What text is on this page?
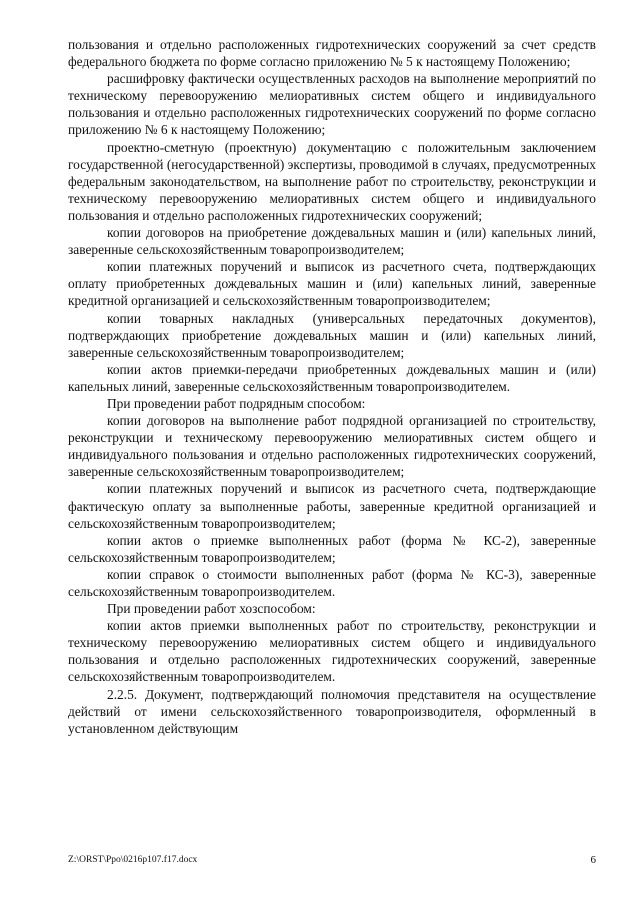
пользования и отдельно расположенных гидротехнических сооружений за счет средств федерального бюджета по форме согласно приложению № 5 к настоящему Положению;

расшифровку фактически осуществленных расходов на выполнение мероприятий по техническому перевооружению мелиоративных систем общего и индивидуального пользования и отдельно расположенных гидротехнических сооружений по форме согласно приложению № 6 к настоящему Положению;

проектно-сметную (проектную) документацию с положительным заключением государственной (негосударственной) экспертизы, проводимой в случаях, предусмотренных федеральным законодательством, на выполнение работ по строительству, реконструкции и техническому перевооружению мелиоративных систем общего и индивидуального пользования и отдельно расположенных гидротехнических сооружений;

копии договоров на приобретение дождевальных машин и (или) капельных линий, заверенные сельскохозяйственным товаропроизводителем;

копии платежных поручений и выписок из расчетного счета, подтверждающих оплату приобретенных дождевальных машин и (или) капельных линий, заверенные кредитной организацией и сельскохозяйственным товаропроизводителем;

копии товарных накладных (универсальных передаточных документов), подтверждающих приобретение дождевальных машин и (или) капельных линий, заверенные сельскохозяйственным товаропроизводителем;

копии актов приемки-передачи приобретенных дождевальных машин и (или) капельных линий, заверенные сельскохозяйственным товаропроизводителем.

При проведении работ подрядным способом:

копии договоров на выполнение работ подрядной организацией по строительству, реконструкции и техническому перевооружению мелиоративных систем общего и индивидуального пользования и отдельно расположенных гидротехнических сооружений, заверенные сельскохозяйственным товаропроизводителем;

копии платежных поручений и выписок из расчетного счета, подтверждающие фактическую оплату за выполненные работы, заверенные кредитной организацией и сельскохозяйственным товаропроизводителем;

копии актов о приемке выполненных работ (форма № КС-2), заверенные сельскохозяйственным товаропроизводителем;

копии справок о стоимости выполненных работ (форма № КС-3), заверенные сельскохозяйственным товаропроизводителем.

При проведении работ хозспособом:

копии актов приемки выполненных работ по строительству, реконструкции и техническому перевооружению мелиоративных систем общего и индивидуального пользования и отдельно расположенных гидротехнических сооружений, заверенные сельскохозяйственным товаропроизводителем.

2.2.5. Документ, подтверждающий полномочия представителя на осуществление действий от имени сельскохозяйственного товаропроизводителя, оформленный в установленном действующим

Z:\ORST\Ppo\0216p107.f17.docx	6
